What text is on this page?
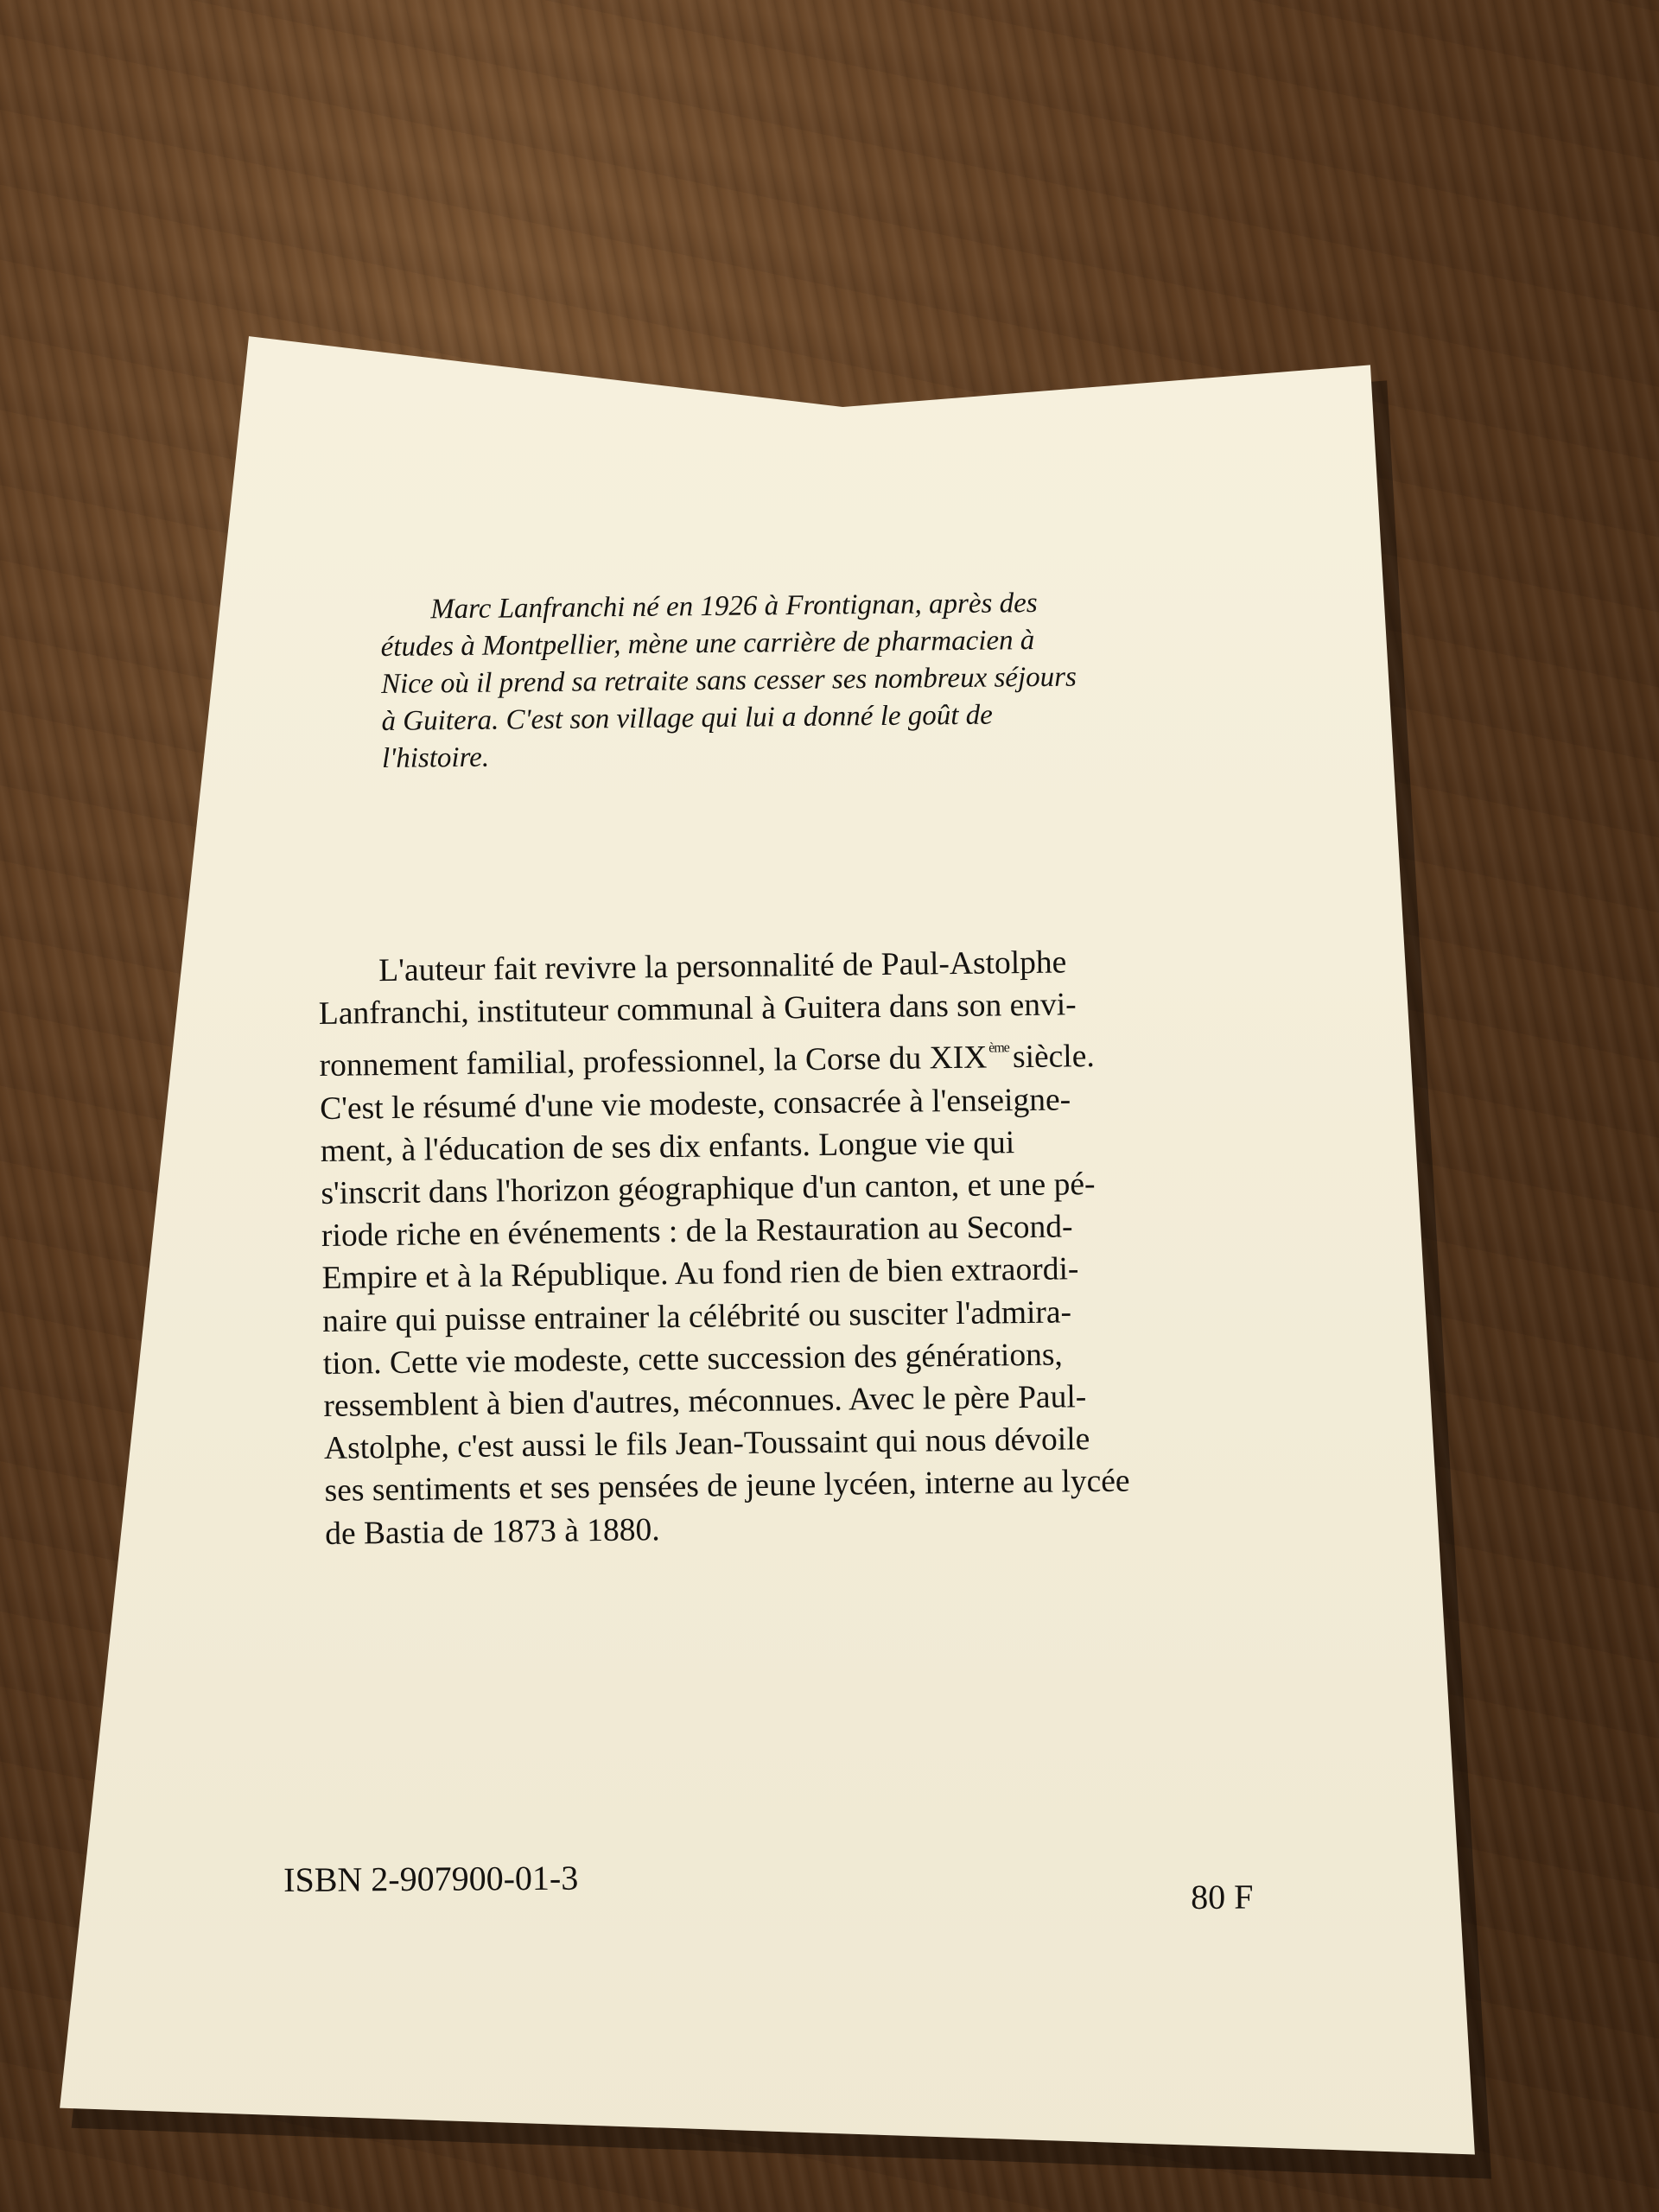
Marc Lanfranchi né en 1926 à Frontignan, après des
études à Montpellier, mène une carrière de pharmacien à
Nice où il prend sa retraite sans cesser ses nombreux séjours
à Guitera. C'est son village qui lui a donné le goût de
l'histoire.
L'auteur fait revivre la personnalité de Paul-Astolphe
Lanfranchi, instituteur communal à Guitera dans son envi-
ronnement familial, professionnel, la Corse du XIXème siècle.
C'est le résumé d'une vie modeste, consacrée à l'enseigne-
ment, à l'éducation de ses dix enfants. Longue vie qui
s'inscrit dans l'horizon géographique d'un canton, et une pé-
riode riche en événements : de la Restauration au Second-
Empire et à la République. Au fond rien de bien extraordi-
naire qui puisse entrainer la célébrité ou susciter l'admira-
tion. Cette vie modeste, cette succession des générations,
ressemblent à bien d'autres, méconnues. Avec le père Paul-
Astolphe, c'est aussi le fils Jean-Toussaint qui nous dévoile
ses sentiments et ses pensées de jeune lycéen, interne au lycée
de Bastia de 1873 à 1880.
ISBN 2-907900-01-3	80 F
